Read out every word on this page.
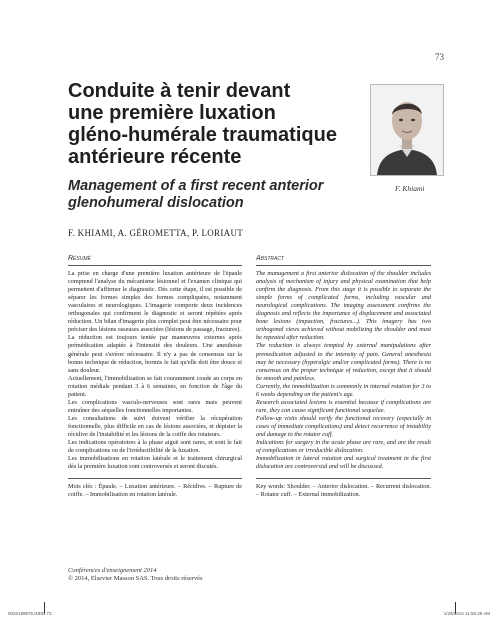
73
Conduite à tenir devant
une première luxation
gléno-humérale traumatique
antérieure récente
Management of a first recent anterior
glenohumeral dislocation
F. Khiami
F. KHIAMI, A. GÉROMETTA, P. LORIAUT
Résumé

La prise en charge d'une première luxation antérieure de l'épaule comprend l'analyse du mécanisme lésionnel et l'examen clinique qui permettent d'affirmer le diagnostic. Dès cette étape, il est possible de séparer les formes simples des formes compliquées, notamment vasculaires et neurologiques. L'imagerie comporte deux incidences orthogonales qui confirment le diagnostic et seront répétées après réduction. Un bilan d'imagerie plus complet peut être nécessaire pour préciser des lésions osseuses associées (lésions de passage, fractures).

La réduction est toujours tentée par manœuvres externes après prémédication adaptée à l'intensité des douleurs. Une anesthésie générale peut s'avérer nécessaire. Il n'y a pas de consensus sur la bonne technique de réduction, hormis le fait qu'elle doit être douce et sans douleur.

Actuellement, l'immobilisation se fait couramment coude au corps en rotation médiale pendant 3 à 6 semaines, en fonction de l'âge du patient.

Les complications vasculo-nerveuses sont rares mais peuvent entraîner des séquelles fonctionnelles importantes.

Les consultations de suivi doivent vérifier la récupération fonctionnelle, plus difficile en cas de lésions associées, et dépister la récidive de l'instabilité et les lésions de la coiffe des rotateurs.

Les indications opératoires à la phase aiguë sont rares, et sont le fait de complications ou de l'irréductibilité de la luxation.

Les immobilisations en rotation latérale et le traitement chirurgical dès la première luxation sont controversés et seront discutés.

Mots clés : Épaule. – Luxation antérieure. – Récidive. – Rupture de coiffe. – Immobilisation en rotation latérale.
Abstract

The management a first anterior dislocation of the shoulder includes analysis of mechanism of injury and physical examination that help confirm the diagnosis. From this stage it is possible to separate the simple forms of complicated forms, including vascular and neurological complications. The imaging assessment confirms the diagnosis and reflects the importance of displacement and associated bone lesions (impaction, fractures...). This imagery has two orthogonal views achieved without mobilizing the shoulder and must be repeated after reduction.

The reduction is always tempted by external manipulations after premedication adjusted to the intensity of pain. General anesthesia may be necessary (hyperalgic and/or complicated forms). There is no consensus on the proper technique of reduction, except that it should be smooth and painless.

Currently, the immobilization is commonly in internal rotation for 3 to 6 weeks depending on the patient's age.

Research associated lesions is essential because if complications are rare, they can cause significant functional sequelae.

Follow-up visits should verify the functional recovery (especially in cases of immediate complications) and detect recurrence of instability and damage to the rotator cuff.

Indications for surgery in the acute phase are rare, and are the result of complications or irreducible dislocation.

Immobilization in lateral rotation and surgical treatment in the first dislocation are controversial and will be discussed.

Key words: Shoulder. – Anterior dislocation. – Recurrent dislocation. – Rotator cuff. – External immobilization.
Conférences d'enseignement 2014
© 2014, Elsevier Masson SAS. Tous droits réservés
0032189875.INDD 73	1/29/2014 11:55:28 AM
